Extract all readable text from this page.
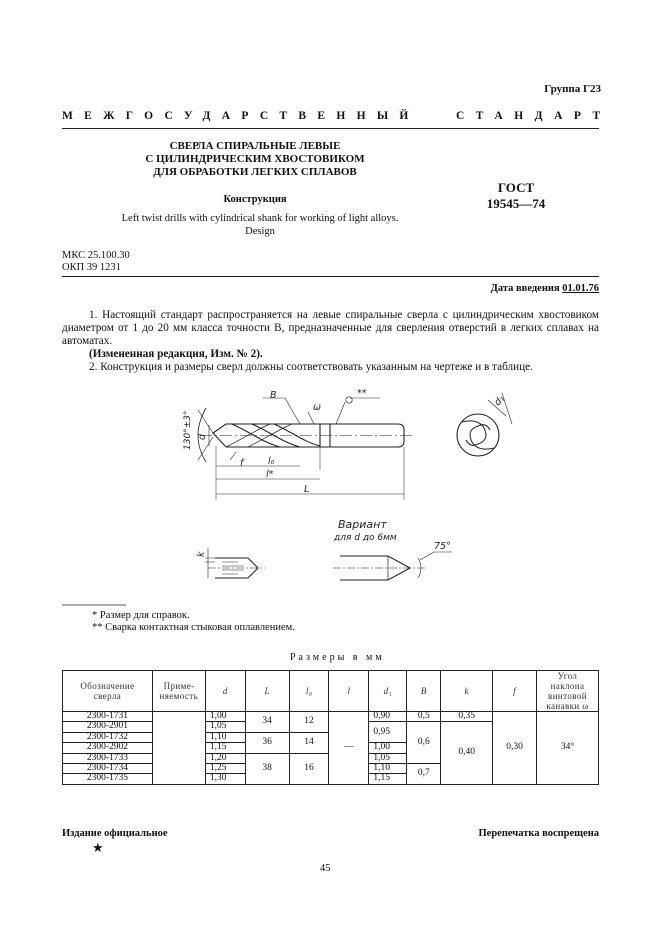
Группа Г23
МЕЖГОСУДАРСТВЕННЫЙ	СТАНДАРТ
СВЕРЛА СПИРАЛЬНЫЕ ЛЕВЫЕ
С ЦИЛИНДРИЧЕСКИМ ХВОСТОВИКОМ
ДЛЯ ОБРАБОТКИ ЛЕГКИХ СПЛАВОВ
Конструкция
Left twist drills with cylindrical shank for working of light alloys.
Design
ГОСТ
19545—74
МКС 25.100.30
ОКП 39 1231
Дата введения 01.01.76

1. Настоящий стандарт распространяется на левые спиральные сверла с цилиндрическим хвостовиком диаметром от 1 до 20 мм класса точности В, предназначенные для сверления отверстий в легких сплавах на автоматах.

(Измененная редакция, Изм. № 2).

2. Конструкция и размеры сверл должны соответствовать указанным на чертеже и в таблице.

B
ω
**
130°±3° d
f	l₀
l*
L
d₁
k
Вариант
для d до 6мм
75°
* Размер для справок.
** Сварка контактная стыковая оплавлением.
Размеры в мм
Обозначение сверла	Применяемость	d	L	l₀	l	d₁	B	k	f	Угол наклона винтовой канавки ω
2300-1731		1,00	34	12	—	0,90	0,5	0,35	0,30	34°
2300-2901		1,05				0,95	0,6	0,40		
2300-1732		1,10	36	14						
2300-2902		1,15				1,00				
2300-1733		1,20	38	16		1,05				
2300-1734		1,25				1,10	0,7			
2300-1735		1,30				1,15				
Издание официальное	Перепечатка воспрещена
★
45
